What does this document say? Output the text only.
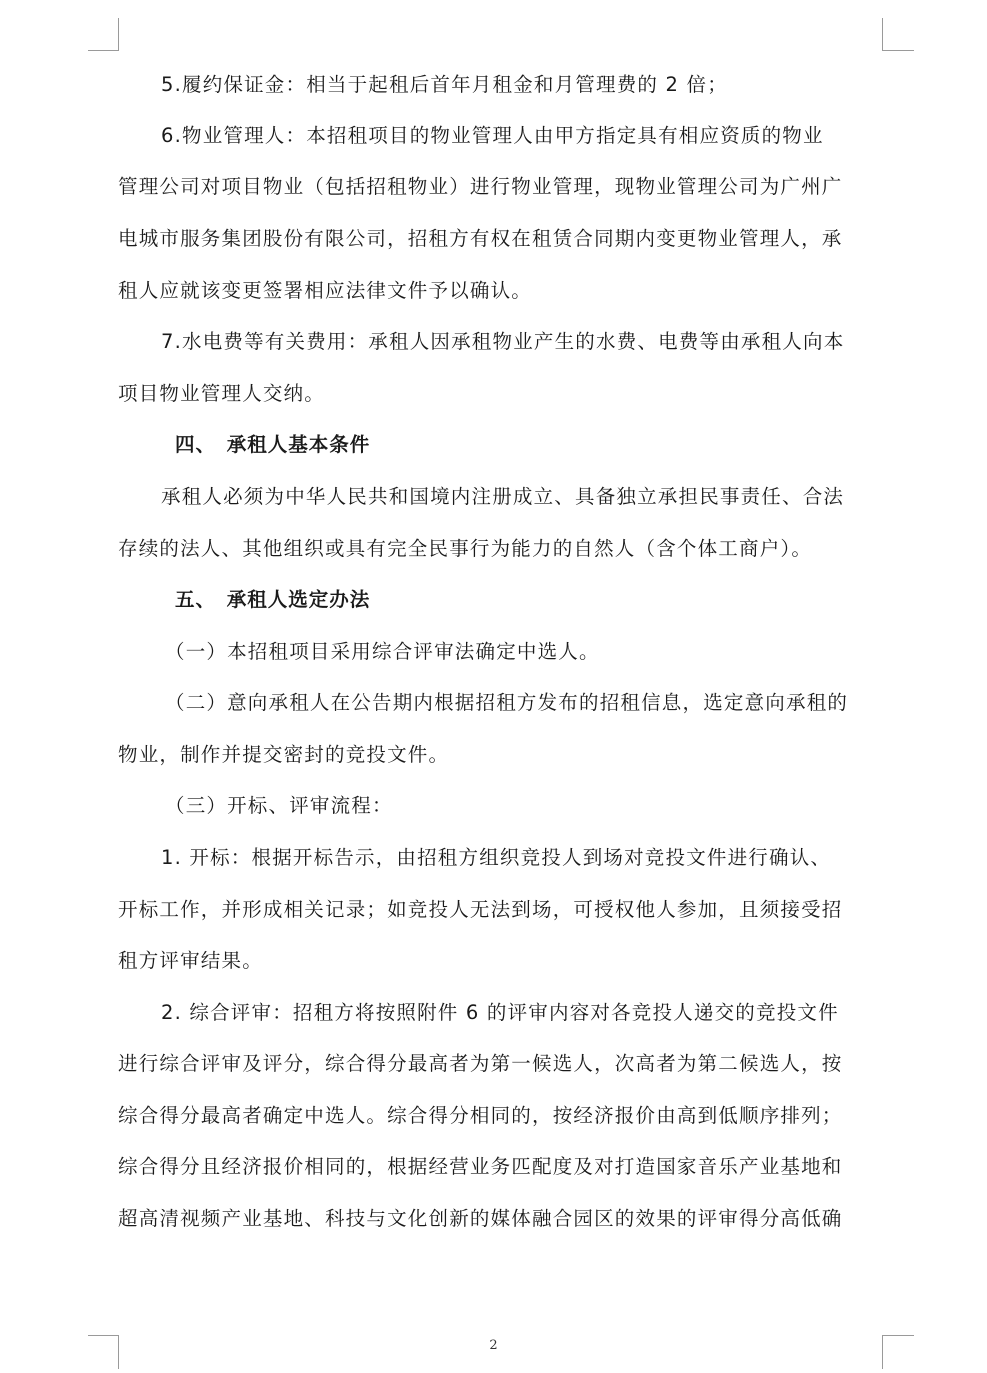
5.履约保证金：相当于起租后首年月租金和月管理费的 2 倍；
6.物业管理人：本招租项目的物业管理人由甲方指定具有相应资质的物业
管理公司对项目物业（包括招租物业）进行物业管理，现物业管理公司为广州广
电城市服务集团股份有限公司，招租方有权在租赁合同期内变更物业管理人，承
租人应就该变更签署相应法律文件予以确认。
7.水电费等有关费用：承租人因承租物业产生的水费、电费等由承租人向本
项目物业管理人交纳。
四、　承租人基本条件
承租人必须为中华人民共和国境内注册成立、具备独立承担民事责任、合法
存续的法人、其他组织或具有完全民事行为能力的自然人（含个体工商户）。
五、　承租人选定办法
（一）本招租项目采用综合评审法确定中选人。
（二）意向承租人在公告期内根据招租方发布的招租信息，选定意向承租的
物业，制作并提交密封的竞投文件。
（三）开标、评审流程：
1. 开标：根据开标告示，由招租方组织竞投人到场对竞投文件进行确认、
开标工作，并形成相关记录；如竞投人无法到场，可授权他人参加，且须接受招
租方评审结果。
2. 综合评审：招租方将按照附件 6 的评审内容对各竞投人递交的竞投文件
进行综合评审及评分，综合得分最高者为第一候选人，次高者为第二候选人，按
综合得分最高者确定中选人。综合得分相同的，按经济报价由高到低顺序排列；
综合得分且经济报价相同的，根据经营业务匹配度及对打造国家音乐产业基地和
超高清视频产业基地、科技与文化创新的媒体融合园区的效果的评审得分高低确
2
